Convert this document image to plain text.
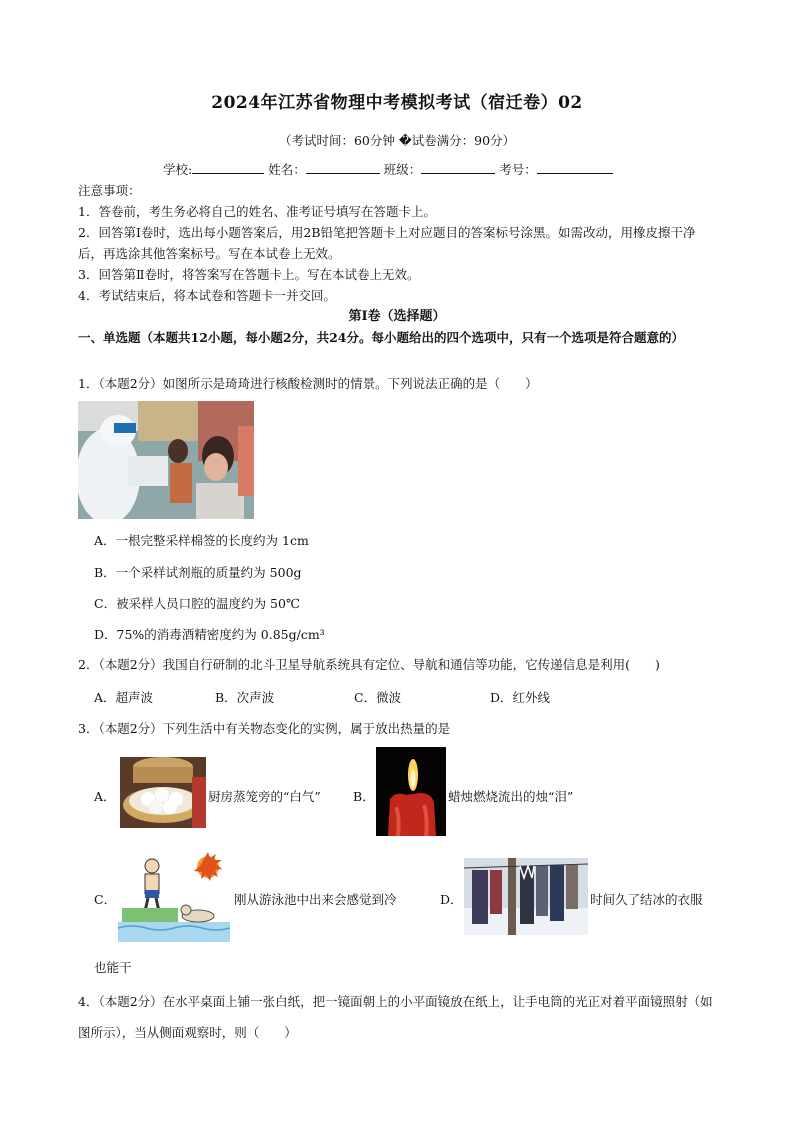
2024年江苏省物理中考模拟考试（宿迁卷）02
（考试时间：60分钟 �试卷满分：90分）
学校:	姓名：	班级：	考号：
注意事项：
1．答卷前，考生务必将自己的姓名、准考证号填写在答题卡上。
2．回答第Ⅰ卷时，选出每小题答案后，用2B铅笔把答题卡上对应题目的答案标号涂黑。如需改动，用橡皮擦干净后，再选涂其他答案标号。写在本试卷上无效。
3．回答第Ⅱ卷时，将答案写在答题卡上。写在本试卷上无效。
4．考试结束后，将本试卷和答题卡一并交回。
第Ⅰ卷（选择题）
一、单选题（本题共12小题，每小题2分，共24分。每小题给出的四个选项中，只有一个选项是符合题意的）
1．（本题2分）如图所示是琦琦进行核酸检测时的情景。下列说法正确的是（　　）
A．一根完整采样棉签的长度约为 1cm
B．一个采样试剂瓶的质量约为 500g
C．被采样人员口腔的温度约为 50℃
D．75%的消毒酒精密度约为 0.85g/cm³
2．（本题2分）我国自行研制的北斗卫星导航系统具有定位、导航和通信等功能，它传递信息是利用(　　)
A．超声波	B．次声波	C．微波	D．红外线
3．（本题2分）下列生活中有关物态变化的实例，属于放出热量的是
A．	厨房蒸笼旁的“白气”	B．	蜡烛燃烧流出的烛“泪”
C．	刚从游泳池中出来会感觉到冷	D．	时间久了结冰的衣服
也能干
4．（本题2分）在水平桌面上铺一张白纸，把一镜面朝上的小平面镜放在纸上，让手电筒的光正对着平面镜照射（如图所示），当从侧面观察时，则（　　）
